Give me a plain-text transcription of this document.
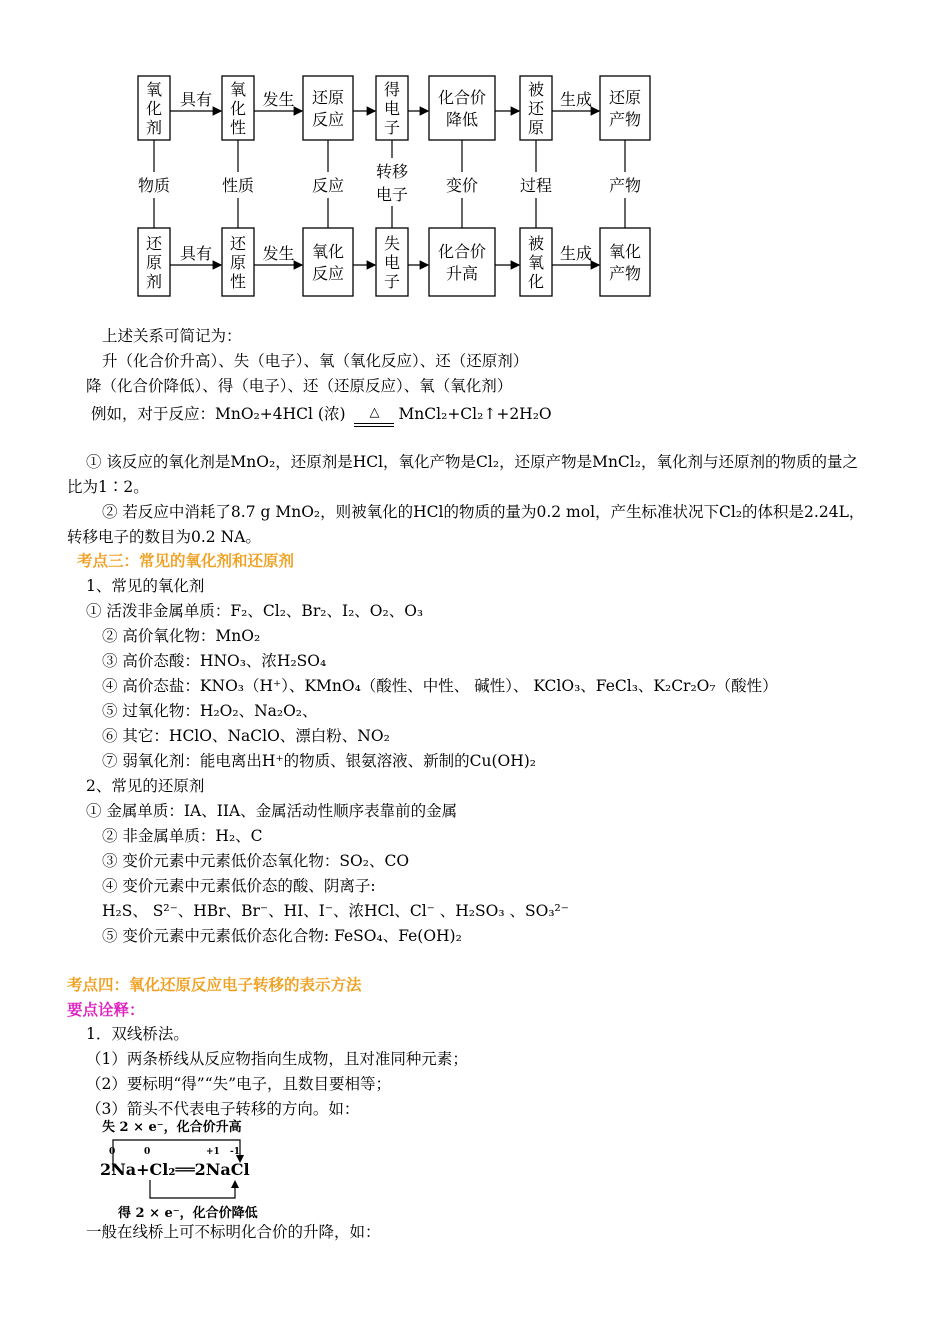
氧
化
剂
氧
化
性
还原
反应
得
电
子
化合价
降低
被
还
原
还原
产物
具有	发生	生成
还
原
剂
还
原
性
氧化
反应
失
电
子
化合价
升高
被
氧
化
氧化
产物
具有	发生	生成
物质	性质	反应
转移
电子 变价	过程	产物
上述关系可简记为：
升（化合价升高）、失（电子）、氧（氧化反应）、还（还原剂）
降（化合价降低）、得（电子）、还（还原反应）、氧（氧化剂）
例如，对于反应：MnO₂+4HCl (浓) △ MnCl₂+Cl₂↑+2H₂O
① 该反应的氧化剂是MnO₂，还原剂是HCl，氧化产物是Cl₂，还原产物是MnCl₂，氧化剂与还原剂的物质的量之
比为1∶2。
② 若反应中消耗了8.7 g MnO₂，则被氧化的HCl的物质的量为0.2 mol，产生标准状况下Cl₂的体积是2.24L，
转移电子的数目为0.2 NA。
考点三：常见的氧化剂和还原剂
1、常见的氧化剂
① 活泼非金属单质：F₂、Cl₂、Br₂、I₂、O₂、O₃
② 高价氧化物：MnO₂
③ 高价态酸：HNO₃、浓H₂SO₄
④ 高价态盐：KNO₃（H⁺）、KMnO₄（酸性、中性、 碱性）、 KClO₃、FeCl₃、K₂Cr₂O₇（酸性）
⑤ 过氧化物：H₂O₂、Na₂O₂、
⑥ 其它：HClO、NaClO、漂白粉、NO₂
⑦ 弱氧化剂：能电离出H⁺的物质、银氨溶液、新制的Cu(OH)₂
2、常见的还原剂
① 金属单质：IA、IIA、金属活动性顺序表靠前的金属
② 非金属单质：H₂、C
③ 变价元素中元素低价态氧化物：SO₂、CO
④ 变价元素中元素低价态的酸、阴离子:
H₂S、 S²⁻、HBr、Br⁻、HI、I⁻、浓HCl、Cl⁻ 、H₂SO₃ 、SO₃²⁻
⑤ 变价元素中元素低价态化合物: FeSO₄、Fe(OH)₂
考点四：氧化还原反应电子转移的表示方法
要点诠释：
1．双线桥法。
（1）两条桥线从反应物指向生成物，且对准同种元素；
（2）要标明“得”“失”电子，且数目要相等；
（3）箭头不代表电子转移的方向。如：
失 2 × e⁻，化合价升高
0	0	+1 -1
2Na+Cl₂══2NaCl
得 2 × e⁻，化合价降低
一般在线桥上可不标明化合价的升降，如：
